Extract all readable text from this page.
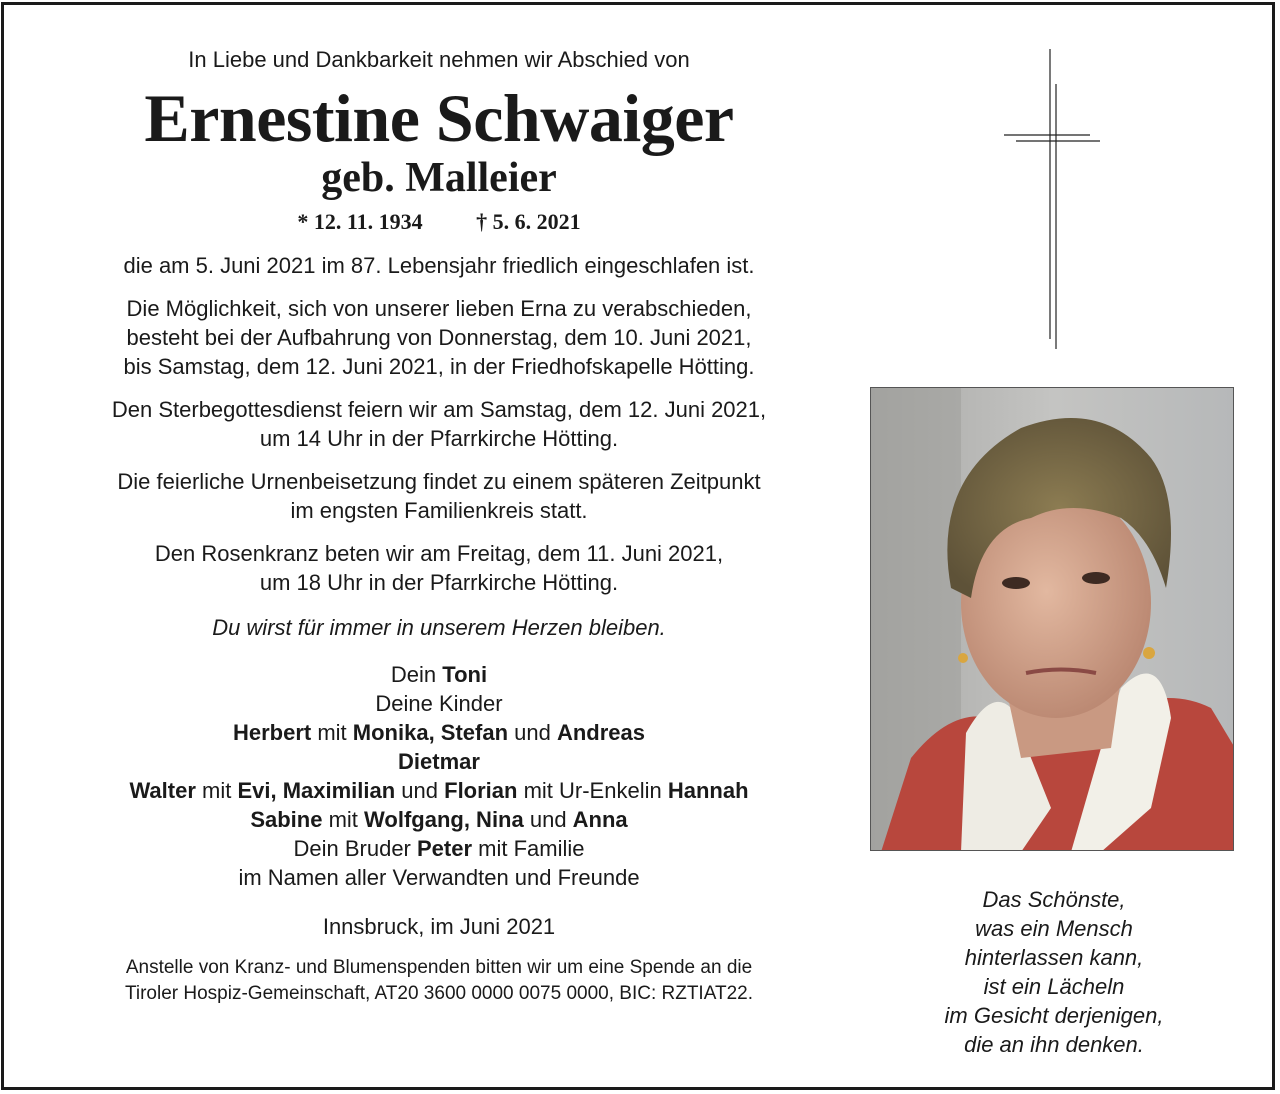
In Liebe und Dankbarkeit nehmen wir Abschied von

Ernestine Schwaiger
geb. Malleier

* 12. 11. 1934 † 5. 6. 2021

die am 5. Juni 2021 im 87. Lebensjahr friedlich eingeschlafen ist.

Die Möglichkeit, sich von unserer lieben Erna zu verabschieden,
besteht bei der Aufbahrung von Donnerstag, dem 10. Juni 2021,
bis Samstag, dem 12. Juni 2021, in der Friedhofskapelle Hötting.

Den Sterbegottesdienst feiern wir am Samstag, dem 12. Juni 2021,
um 14 Uhr in der Pfarrkirche Hötting.

Die feierliche Urnenbeisetzung findet zu einem späteren Zeitpunkt
im engsten Familienkreis statt.

Den Rosenkranz beten wir am Freitag, dem 11. Juni 2021,
um 18 Uhr in der Pfarrkirche Hötting.

Du wirst für immer in unserem Herzen bleiben.

Dein Toni
Deine Kinder
Herbert mit Monika, Stefan und Andreas
Dietmar
Walter mit Evi, Maximilian und Florian mit Ur-Enkelin Hannah
Sabine mit Wolfgang, Nina und Anna
Dein Bruder Peter mit Familie
im Namen aller Verwandten und Freunde

Innsbruck, im Juni 2021

Anstelle von Kranz- und Blumenspenden bitten wir um eine Spende an die
Tiroler Hospiz-Gemeinschaft, AT20 3600 0000 0075 0000, BIC: RZTIAT22.

Das Schönste,
was ein Mensch
hinterlassen kann,
ist ein Lächeln
im Gesicht derjenigen,
die an ihn denken.
